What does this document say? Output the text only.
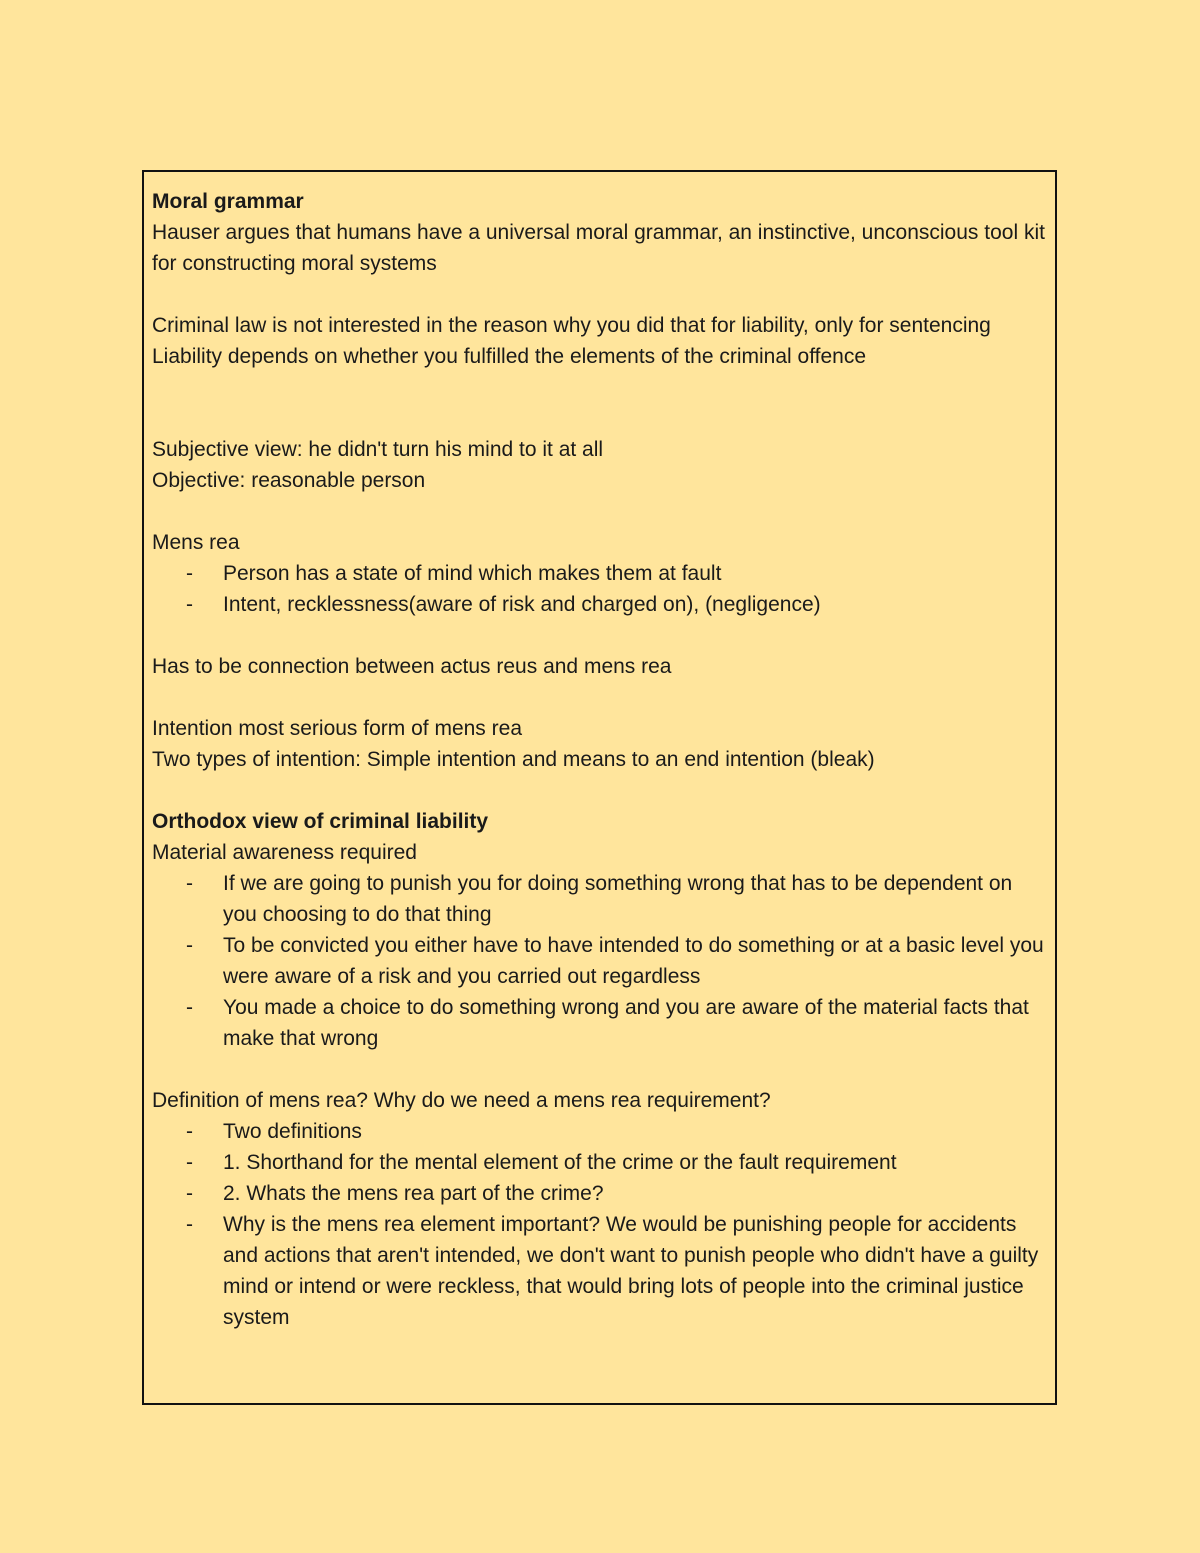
Moral grammar

Hauser argues that humans have a universal moral grammar, an instinctive, unconscious tool kit for constructing moral systems

Criminal law is not interested in the reason why you did that for liability, only for sentencing

Liability depends on whether you fulfilled the elements of the criminal offence

Subjective view: he didn't turn his mind to it at all

Objective: reasonable person

Mens rea

- Person has a state of mind which makes them at fault
- Intent, recklessness(aware of risk and charged on), (negligence)

Has to be connection between actus reus and mens rea

Intention most serious form of mens rea

Two types of intention: Simple intention and means to an end intention (bleak)

Orthodox view of criminal liability

Material awareness required

- If we are going to punish you for doing something wrong that has to be dependent on you choosing to do that thing
- To be convicted you either have to have intended to do something or at a basic level you were aware of a risk and you carried out regardless
- You made a choice to do something wrong and you are aware of the material facts that make that wrong

Definition of mens rea? Why do we need a mens rea requirement?

- Two definitions
- 1. Shorthand for the mental element of the crime or the fault requirement
- 2. Whats the mens rea part of the crime?
- Why is the mens rea element important? We would be punishing people for accidents and actions that aren't intended, we don't want to punish people who didn't have a guilty mind or intend or were reckless, that would bring lots of people into the criminal justice system
